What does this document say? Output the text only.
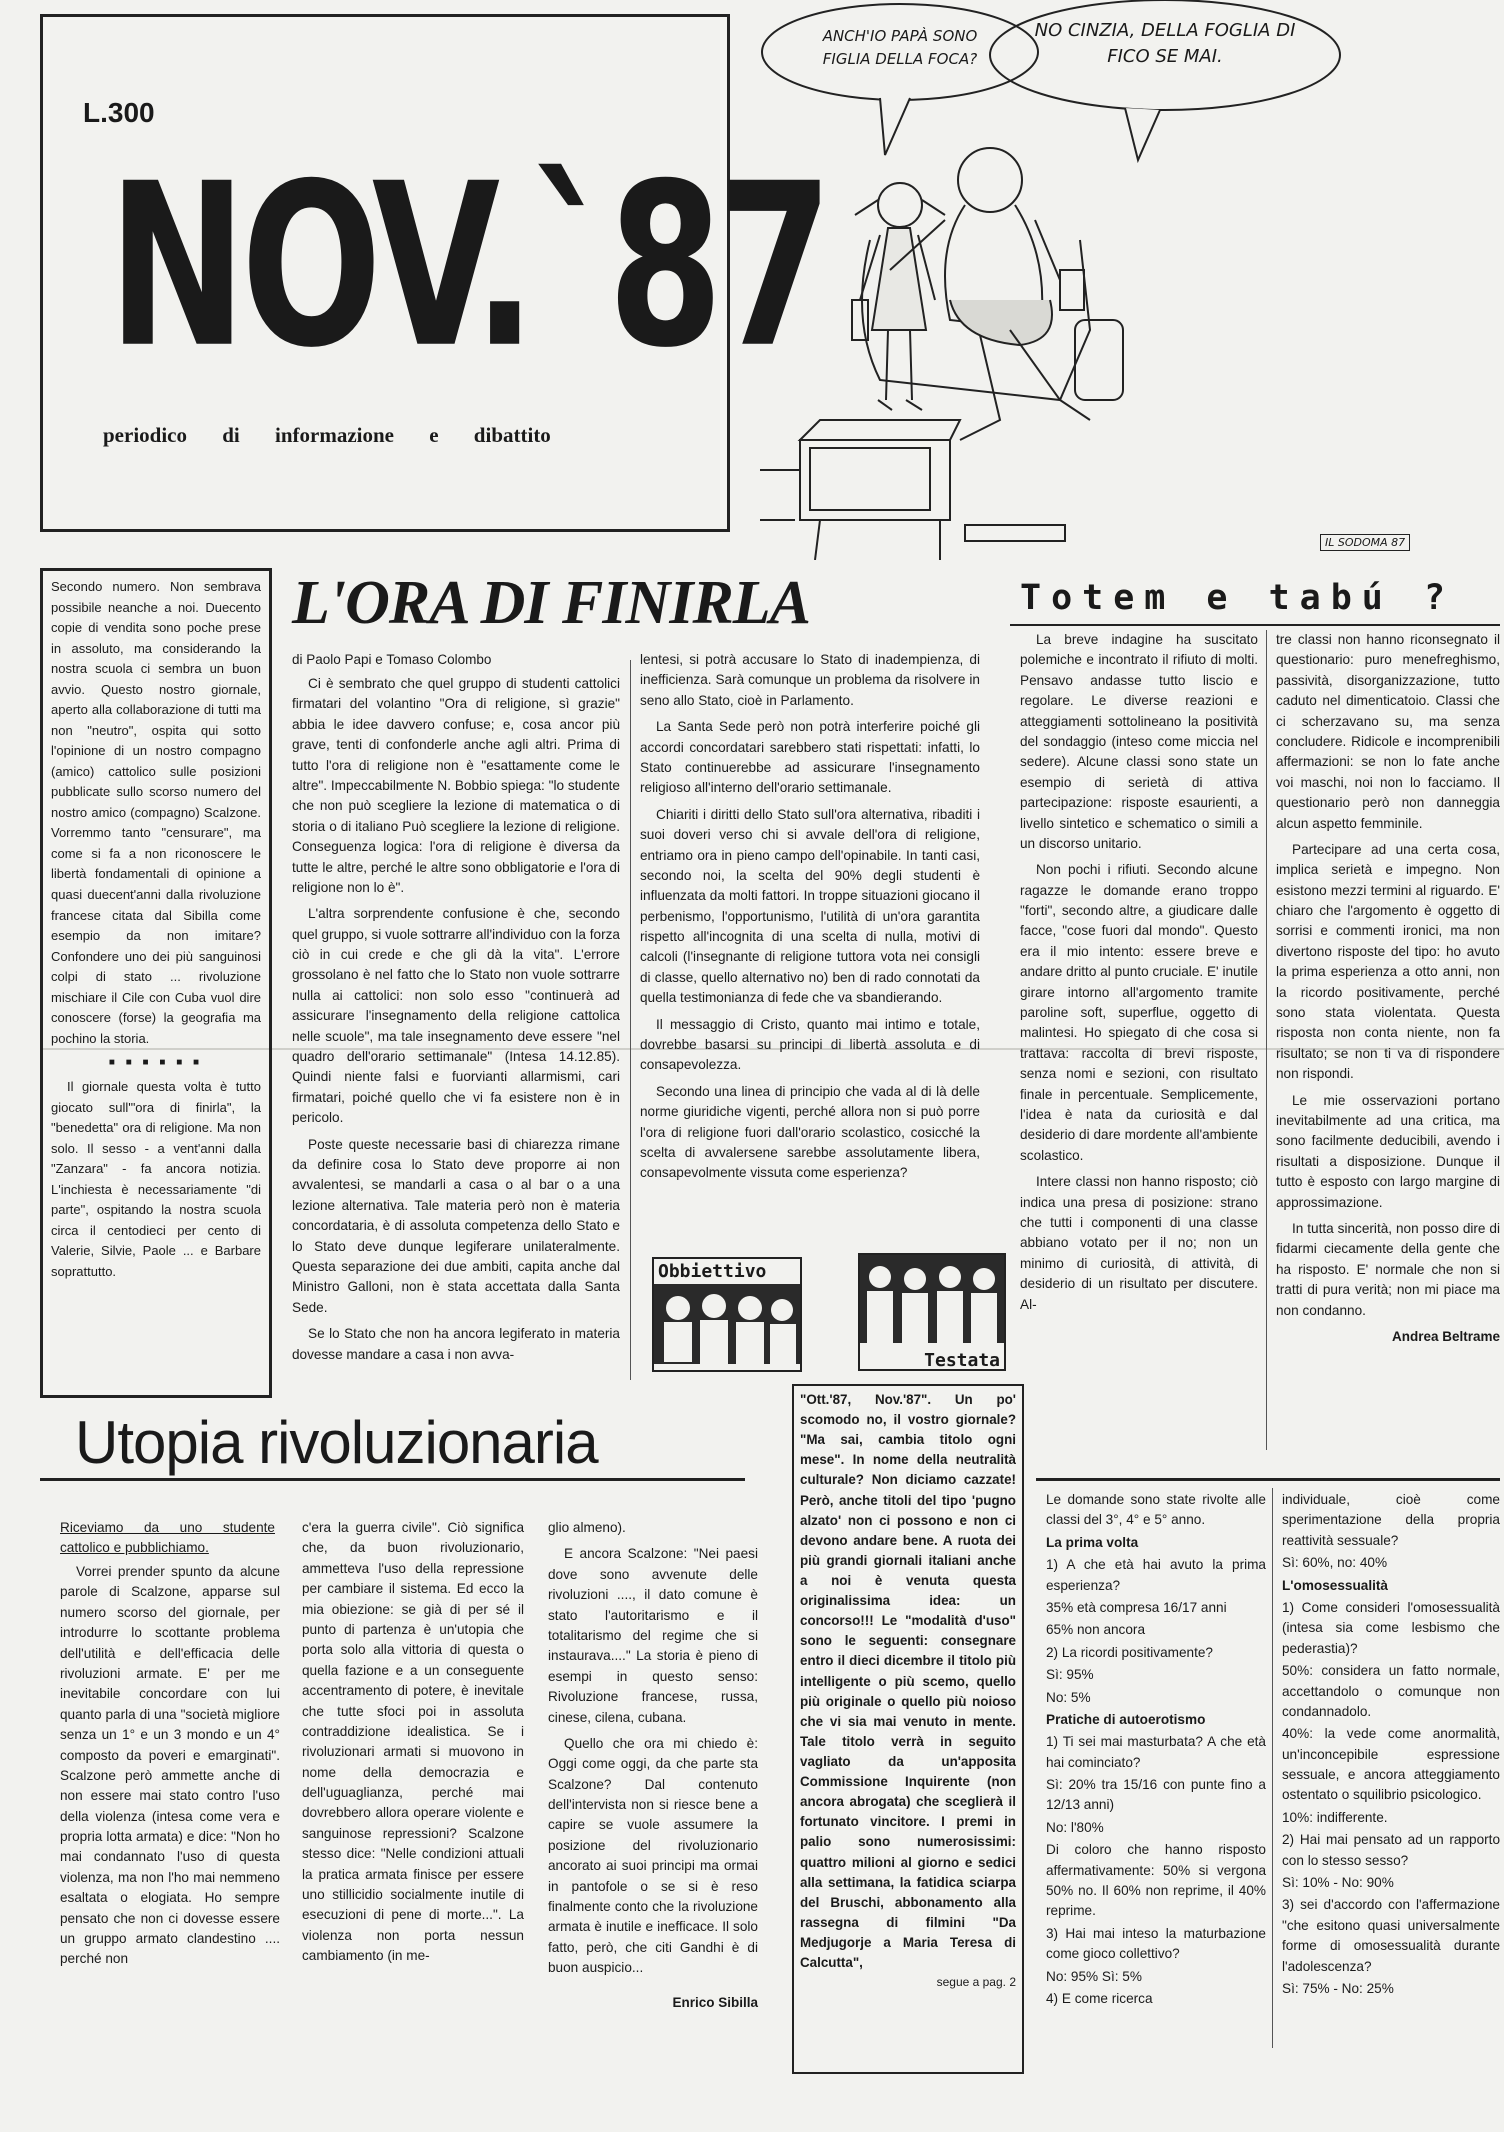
L.300
NOV.`87
periodico di informazione e dibattito
ANCH'IO PAPÀ SONO FIGLIA DELLA FOCA?
NO CINZIA, DELLA FOGLIA DI FICO SE MAI.
IL SODOMA 87

Secondo numero. Non sembrava possibile neanche a noi. Duecento copie di vendita sono poche prese in assoluto, ma considerando la nostra scuola ci sembra un buon avvio. Questo nostro giornale, aperto alla collaborazione di tutti ma non "neutro", ospita qui sotto l'opinione di un nostro compagno (amico) cattolico sulle posizioni pubblicate sullo scorso numero del nostro amico (compagno) Scalzone. Vorremmo tanto "censurare", ma come si fa a non riconoscere le libertà fondamentali di opinione a quasi duecent'anni dalla rivoluzione francese citata dal Sibilla come esempio da non imitare? Confondere uno dei più sanguinosi colpi di stato ... rivoluzione mischiare il Cile con Cuba vuol dire conoscere (forse) la geografia ma pochino la storia.

■ ■ ■ ■ ■ ■

Il giornale questa volta è tutto giocato sull'"ora di finirla", la "benedetta" ora di religione. Ma non solo. Il sesso - a vent'anni dalla "Zanzara" - fa ancora notizia. L'inchiesta è necessariamente "di parte", ospitando la nostra scuola circa il centodieci per cento di Valerie, Silvie, Paole ... e Barbare soprattutto.

L'ORA DI FINIRLA
di Paolo Papi e Tomaso Colombo

Ci è sembrato che quel gruppo di studenti cattolici firmatari del volantino "Ora di religione, sì grazie" abbia le idee davvero confuse; e, cosa ancor più grave, tenti di confonderle anche agli altri. Prima di tutto l'ora di religione non è "esattamente come le altre". Impeccabilmente N. Bobbio spiega: "lo studente che non può scegliere la lezione di matematica o di storia o di italiano Può scegliere la lezione di religione. Conseguenza logica: l'ora di religione è diversa da tutte le altre, perché le altre sono obbligatorie e l'ora di religione non lo è".

L'altra sorprendente confusione è che, secondo quel gruppo, si vuole sottrarre all'individuo con la forza ciò in cui crede e che gli dà la vita". L'errore grossolano è nel fatto che lo Stato non vuole sottrarre nulla ai cattolici: non solo esso "continuerà ad assicurare l'insegnamento della religione cattolica nelle scuole", ma tale insegnamento deve essere "nel quadro dell'orario settimanale" (Intesa 14.12.85). Quindi niente falsi e fuorvianti allarmismi, cari firmatari, poiché quello che vi fa esistere non è in pericolo.

Poste queste necessarie basi di chiarezza rimane da definire cosa lo Stato deve proporre ai non avvalentesi, se mandarli a casa o al bar o a una lezione alternativa. Tale materia però non è materia concordataria, è di assoluta competenza dello Stato e lo Stato deve dunque legiferare unilateralmente. Questa separazione dei due ambiti, capita anche dal Ministro Galloni, non è stata accettata dalla Santa Sede.

Se lo Stato che non ha ancora legiferato in materia dovesse mandare a casa i non avva-

lentesi, si potrà accusare lo Stato di inadempienza, di inefficienza. Sarà comunque un problema da risolvere in seno allo Stato, cioè in Parlamento.

La Santa Sede però non potrà interferire poiché gli accordi concordatari sarebbero stati rispettati: infatti, lo Stato continuerebbe ad assicurare l'insegnamento religioso all'interno dell'orario settimanale.

Chiariti i diritti dello Stato sull'ora alternativa, ribaditi i suoi doveri verso chi si avvale dell'ora di religione, entriamo ora in pieno campo dell'opinabile. In tanti casi, secondo noi, la scelta del 90% degli studenti è influenzata da molti fattori. In troppe situazioni giocano il perbenismo, l'opportunismo, l'utilità di un'ora garantita rispetto all'incognita di una scelta di nulla, motivi di calcoli (l'insegnante di religione tuttora vota nei consigli di classe, quello alternativo no) ben di rado connotati da quella testimonianza di fede che va sbandierando.

Il messaggio di Cristo, quanto mai intimo e totale, dovrebbe basarsi su principi di libertà assoluta e di consapevolezza.

Secondo una linea di principio che vada al di là delle norme giuridiche vigenti, perché allora non si può porre l'ora di religione fuori dall'orario scolastico, cosicché la scelta di avvalersene sarebbe assolutamente libera, consapevolmente vissuta come esperienza?

Totem e tabú ?

La breve indagine ha suscitato polemiche e incontrato il rifiuto di molti. Pensavo andasse tutto liscio e regolare. Le diverse reazioni e atteggiamenti sottolineano la positività del sondaggio (inteso come miccia nel sedere). Alcune classi sono state un esempio di serietà di attiva partecipazione: risposte esaurienti, a livello sintetico e schematico o simili a un discorso unitario.

Non pochi i rifiuti. Secondo alcune ragazze le domande erano troppo "forti", secondo altre, a giudicare dalle facce, "cose fuori dal mondo". Questo era il mio intento: essere breve e andare dritto al punto cruciale. E' inutile girare intorno all'argomento tramite paroline soft, superflue, oggetto di malintesi. Ho spiegato di che cosa si trattava: raccolta di brevi risposte, senza nomi e sezioni, con risultato finale in percentuale. Semplicemente, l'idea è nata da curiosità e dal desiderio di dare mordente all'ambiente scolastico.

Intere classi non hanno risposto; ciò indica una presa di posizione: strano che tutti i componenti di una classe abbiano votato per il no; non un minimo di curiosità, di attività, di desiderio di un risultato per discutere. Al-

tre classi non hanno riconsegnato il questionario: puro menefreghismo, passività, disorganizzazione, tutto caduto nel dimenticatoio. Classi che ci scherzavano su, ma senza concludere. Ridicole e incomprenibili affermazioni: se non lo fate anche voi maschi, noi non lo facciamo. Il questionario però non danneggia alcun aspetto femminile.

Partecipare ad una certa cosa, implica serietà e impegno. Non esistono mezzi termini al riguardo. E' chiaro che l'argomento è oggetto di sorrisi e commenti ironici, ma non divertono risposte del tipo: ho avuto la prima esperienza a otto anni, non la ricordo positivamente, perché sono stata violentata. Questa risposta non conta niente, non fa risultato; se non ti va di rispondere non rispondi.

Le mie osservazioni portano inevitabilmente ad una critica, ma sono facilmente deducibili, avendo i risultati a disposizione. Dunque il tutto è esposto con largo margine di approssimazione.

In tutta sincerità, non posso dire di fidarmi ciecamente della gente che ha risposto. E' normale che non si tratti di pura verità; non mi piace ma non condanno.

Andrea Beltrame
Obbiettivo
Testata
"Ott.'87, Nov.'87". Un po' scomodo no, il vostro giornale? "Ma sai, cambia titolo ogni mese". In nome della neutralità culturale? Non diciamo cazzate! Però, anche titoli del tipo 'pugno alzato' non ci possono e non ci devono andare bene. A ruota dei più grandi giornali italiani anche a noi è venuta questa originalissima idea: un concorso!!! Le "modalità d'uso" sono le seguenti: consegnare entro il dieci dicembre il titolo più intelligente o più scemo, quello più originale o quello più noioso che vi sia mai venuto in mente. Tale titolo verrà in seguito vagliato da un'apposita Commissione Inquirente (non ancora abrogata) che sceglierà il fortunato vincitore. I premi in palio sono numerosissimi: quattro milioni al giorno e sedici alla settimana, la fatidica sciarpa del Bruschi, abbonamento alla rassegna di filmini "Da Medjugorje a Maria Teresa di Calcutta",
segue a pag. 2
Utopia rivoluzionaria
Riceviamo da uno studente cattolico e pubblichiamo.
Vorrei prender spunto da alcune parole di Scalzone, apparse sul numero scorso del giornale, per introdurre lo scottante problema dell'utilità e dell'efficacia delle rivoluzioni armate. E' per me inevitabile concordare con lui quanto parla di una "società migliore senza un 1° e un 3 mondo e un 4° composto da poveri e emarginati". Scalzone però ammette anche di non essere mai stato contro l'uso della violenza (intesa come vera e propria lotta armata) e dice: "Non ho mai condannato l'uso di questa violenza, ma non l'ho mai nemmeno esaltata o elogiata. Ho sempre pensato che non ci dovesse essere un gruppo armato clandestino .... perché non
c'era la guerra civile". Ciò significa che, da buon rivoluzionario, ammetteva l'uso della repressione per cambiare il sistema. Ed ecco la mia obiezione: se già di per sé il punto di partenza è un'utopia che porta solo alla vittoria di questa o quella fazione e a un conseguente accentramento di potere, è inevitale che tutte sfoci poi in assoluta contraddizione idealistica. Se i rivoluzionari armati si muovono in nome della democrazia e dell'uguaglianza, perché mai dovrebbero allora operare violente e sanguinose repressioni? Scalzone stesso dice: "Nelle condizioni attuali la pratica armata finisce per essere uno stillicidio socialmente inutile di esecuzioni di pene di morte...". La violenza non porta nessun cambiamento (in me-

glio almeno).

E ancora Scalzone: "Nei paesi dove sono avvenute delle rivoluzioni ...., il dato comune è stato l'autoritarismo e il totalitarismo del regime che si instaurava...." La storia è pieno di esempi in questo senso: Rivoluzione francese, russa, cinese, cilena, cubana.

Quello che ora mi chiedo è: Oggi come oggi, da che parte sta Scalzone? Dal contenuto dell'intervista non si riesce bene a capire se vuole assumere la posizione del rivoluzionario ancorato ai suoi principi ma ormai in pantofole o se si è reso finalmente conto che la rivoluzione armata è inutile e inefficace. Il solo fatto, però, che citi Gandhi è di buon auspicio...

Enrico Sibilla
Le domande sono state rivolte alle classi del 3°, 4° e 5° anno.
La prima volta
1) A che età hai avuto la prima esperienza?
35% età compresa 16/17 anni
65% non ancora
2) La ricordi positivamente?
Sì: 95%
No: 5%
Pratiche di autoerotismo
1) Ti sei mai masturbata? A che età hai cominciato?
Sì: 20% tra 15/16 con punte fino a 12/13 anni)
No: l'80%
Di coloro che hanno risposto affermativamente: 50% si vergona 50% no. Il 60% non reprime, il 40% reprime.
3) Hai mai inteso la maturbazione come gioco collettivo?
No: 95% Sì: 5%
4) E come ricerca
individuale, cioè come sperimentazione della propria reattività sessuale?
Sì: 60%, no: 40%
L'omosessualità
1) Come consideri l'omosessualità (intesa sia come lesbismo che pederastia)?
50%: considera un fatto normale, accettandolo o comunque non condannadolo.
40%: la vede come anormalità, un'inconcepibile espressione sessuale, e ancora atteggiamento ostentato o squilibrio psicologico.
10%: indifferente.
2) Hai mai pensato ad un rapporto con lo stesso sesso?
Sì: 10% - No: 90%
3) sei d'accordo con l'affermazione "che esitono quasi universalmente forme di omosessualità durante l'adolescenza?
Sì: 75% - No: 25%
